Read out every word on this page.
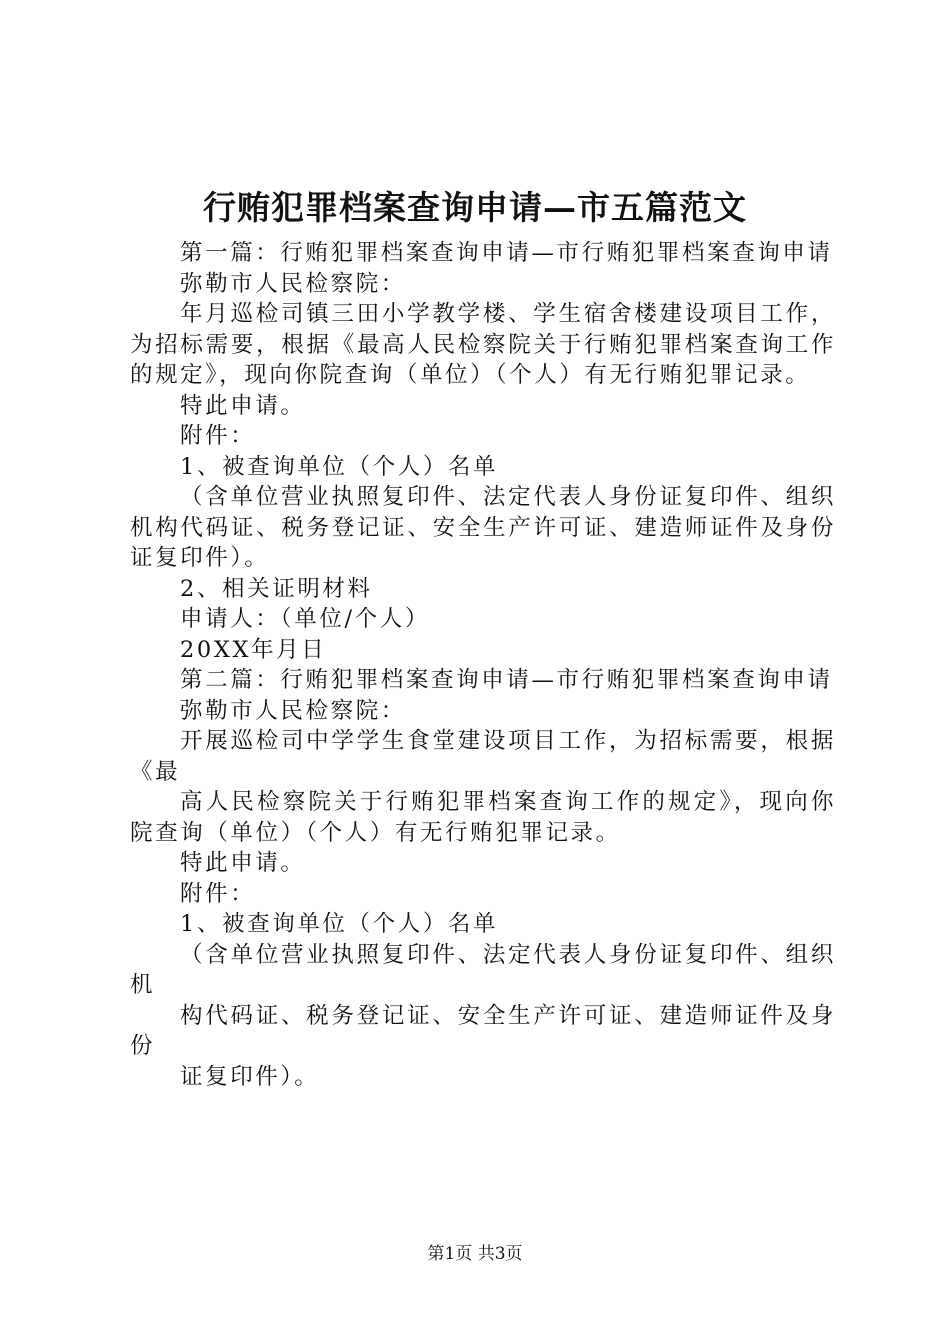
行贿犯罪档案查询申请—市五篇范文

第一篇：行贿犯罪档案查询申请—市行贿犯罪档案查询申请

弥勒市人民检察院：

年月巡检司镇三田小学教学楼、学生宿舍楼建设项目工作，为招标需要，根据《最高人民检察院关于行贿犯罪档案查询工作的规定》，现向你院查询（单位）（个人）有无行贿犯罪记录。

特此申请。

附件：

1、被查询单位（个人）名单

（含单位营业执照复印件、法定代表人身份证复印件、组织机构代码证、税务登记证、安全生产许可证、建造师证件及身份证复印件）。

2、相关证明材料

申请人：（单位/个人）

20XX年月日

第二篇：行贿犯罪档案查询申请—市行贿犯罪档案查询申请

弥勒市人民检察院：

开展巡检司中学学生食堂建设项目工作，为招标需要，根据《最

高人民检察院关于行贿犯罪档案查询工作的规定》，现向你院查询（单位）（个人）有无行贿犯罪记录。

特此申请。

附件：

1、被查询单位（个人）名单

（含单位营业执照复印件、法定代表人身份证复印件、组织机

构代码证、税务登记证、安全生产许可证、建造师证件及身份

证复印件）。

第1页 共3页
